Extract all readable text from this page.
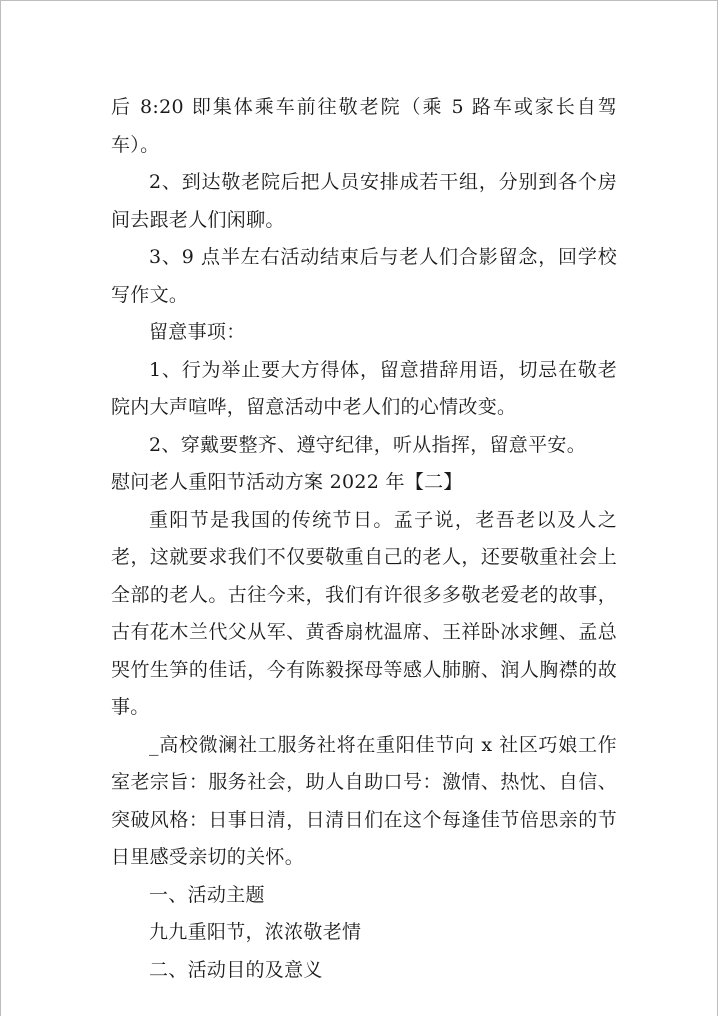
后 8:20 即集体乘车前往敬老院（乘 5 路车或家长自驾车）。

2、到达敬老院后把人员安排成若干组，分别到各个房间去跟老人们闲聊。

3、9 点半左右活动结束后与老人们合影留念，回学校写作文。

留意事项：

1、行为举止要大方得体，留意措辞用语，切忌在敬老院内大声喧哗，留意活动中老人们的心情改变。

2、穿戴要整齐、遵守纪律，听从指挥，留意平安。

慰问老人重阳节活动方案 2022 年【二】

重阳节是我国的传统节日。孟子说，老吾老以及人之老，这就要求我们不仅要敬重自己的老人，还要敬重社会上全部的老人。古往今来，我们有许很多多敬老爱老的故事，古有花木兰代父从军、黄香扇枕温席、王祥卧冰求鲤、孟总哭竹生笋的佳话，今有陈毅探母等感人肺腑、润人胸襟的故事。

_高校微澜社工服务社将在重阳佳节向 x 社区巧娘工作室老宗旨：服务社会，助人自助口号：激情、热忱、自信、突破风格：日事日清，日清日们在这个每逢佳节倍思亲的节日里感受亲切的关怀。

一、活动主题

九九重阳节，浓浓敬老情

二、活动目的及意义
